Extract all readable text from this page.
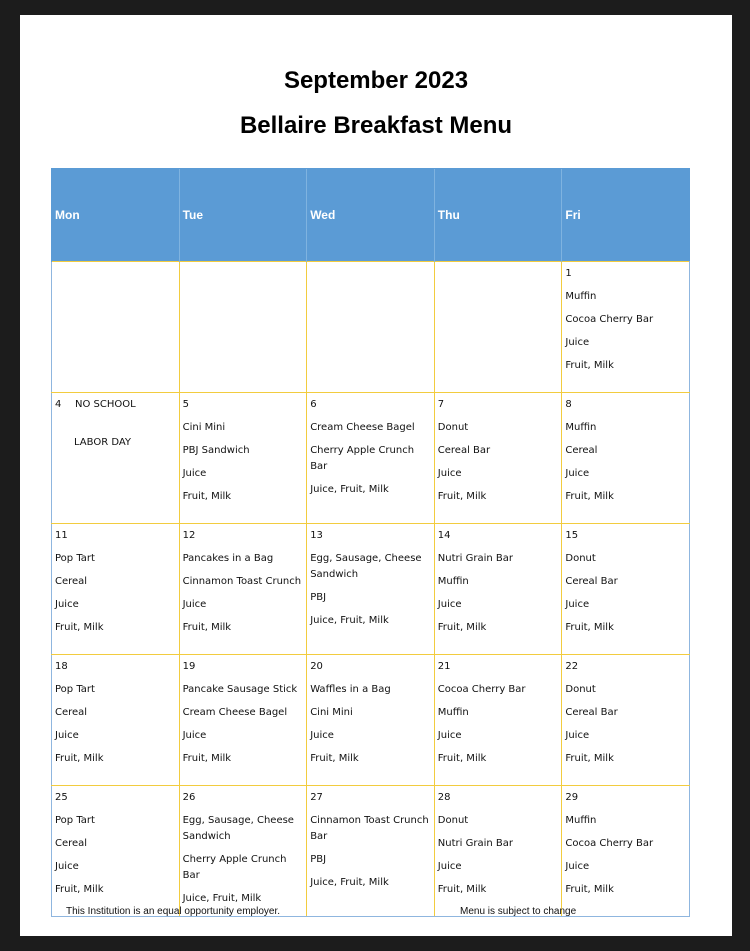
September 2023
Bellaire Breakfast Menu
Mon	Tue	Wed	Thu	Fri

				1
Muffin
Cocoa Cherry Bar
Juice
Fruit, Milk

4 NO SCHOOL
LABOR DAY	5
Cini Mini
PBJ Sandwich
Juice
Fruit, Milk	6
Cream Cheese Bagel
Cherry Apple Crunch Bar
Juice, Fruit, Milk	7
Donut
Cereal Bar
Juice
Fruit, Milk	8
Muffin
Cereal
Juice
Fruit, Milk

11
Pop Tart
Cereal
Juice
Fruit, Milk	12
Pancakes in a Bag
Cinnamon Toast Crunch
Juice
Fruit, Milk	13
Egg, Sausage, Cheese Sandwich
PBJ
Juice, Fruit, Milk	14
Nutri Grain Bar
Muffin
Juice
Fruit, Milk	15
Donut
Cereal Bar
Juice
Fruit, Milk

18
Pop Tart
Cereal
Juice
Fruit, Milk	19
Pancake Sausage Stick
Cream Cheese Bagel
Juice
Fruit, Milk	20
Waffles in a Bag
Cini Mini
Juice
Fruit, Milk	21
Cocoa Cherry Bar
Muffin
Juice
Fruit, Milk	22
Donut
Cereal Bar
Juice
Fruit, Milk

25
Pop Tart
Cereal
Juice
Fruit, Milk	26
Egg, Sausage, Cheese Sandwich
Cherry Apple Crunch Bar
Juice, Fruit, Milk	27
Cinnamon Toast Crunch Bar
PBJ
Juice, Fruit, Milk	28
Donut
Nutri Grain Bar
Juice
Fruit, Milk	29
Muffin
Cocoa Cherry Bar
Juice
Fruit, Milk
This Institution is an equal opportunity employer.	Menu is subject to change
